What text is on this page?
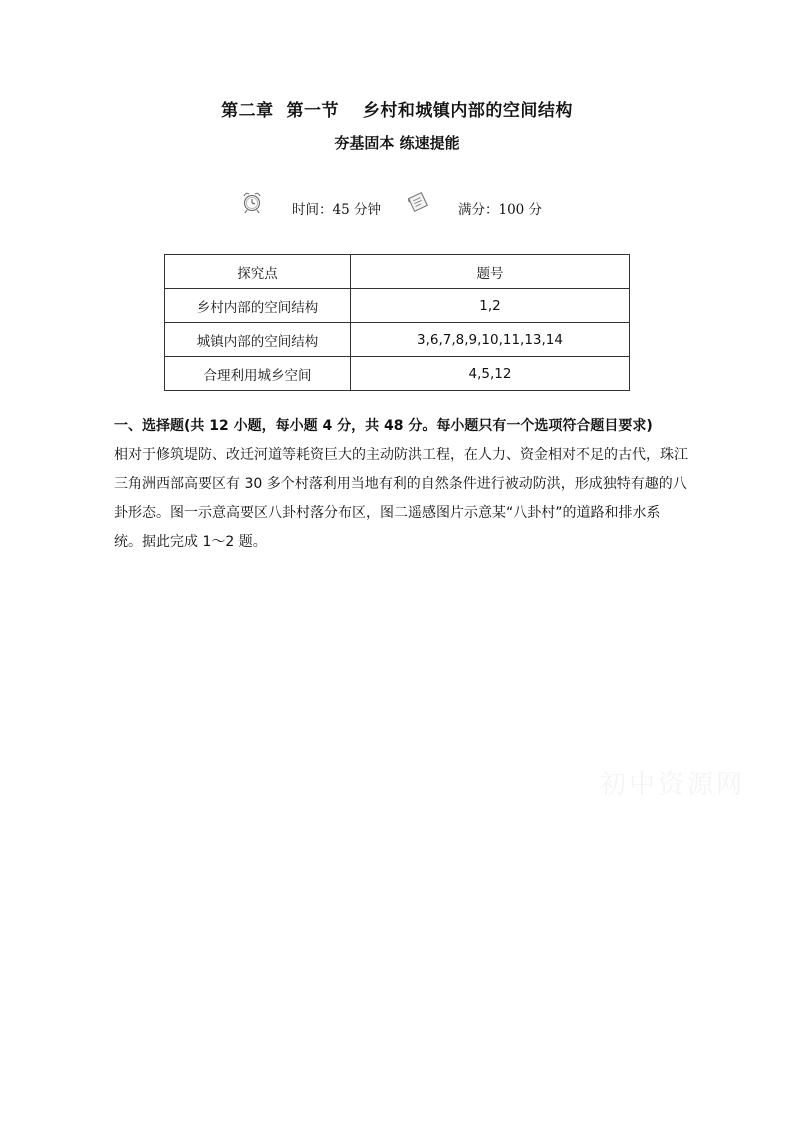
第二章  第一节　 乡村和城镇内部的空间结构
夯基固本 练速提能
时间：45 分钟	满分：100 分
探究点	题号
乡村内部的空间结构	1,2
城镇内部的空间结构	3,6,7,8,9,10,11,13,14
合理利用城乡空间	4,5,12
一、选择题(共 12 小题，每小题 4 分，共 48 分。每小题只有一个选项符合题目要求)
相对于修筑堤防、改迁河道等耗资巨大的主动防洪工程，在人力、资金相对不足的古代，珠江三角洲西部高要区有 30 多个村落利用当地有利的自然条件进行被动防洪，形成独特有趣的八卦形态。图一示意高要区八卦村落分布区，图二遥感图片示意某“八卦村”的道路和排水系统。据此完成 1～2 题。
初中资源网
